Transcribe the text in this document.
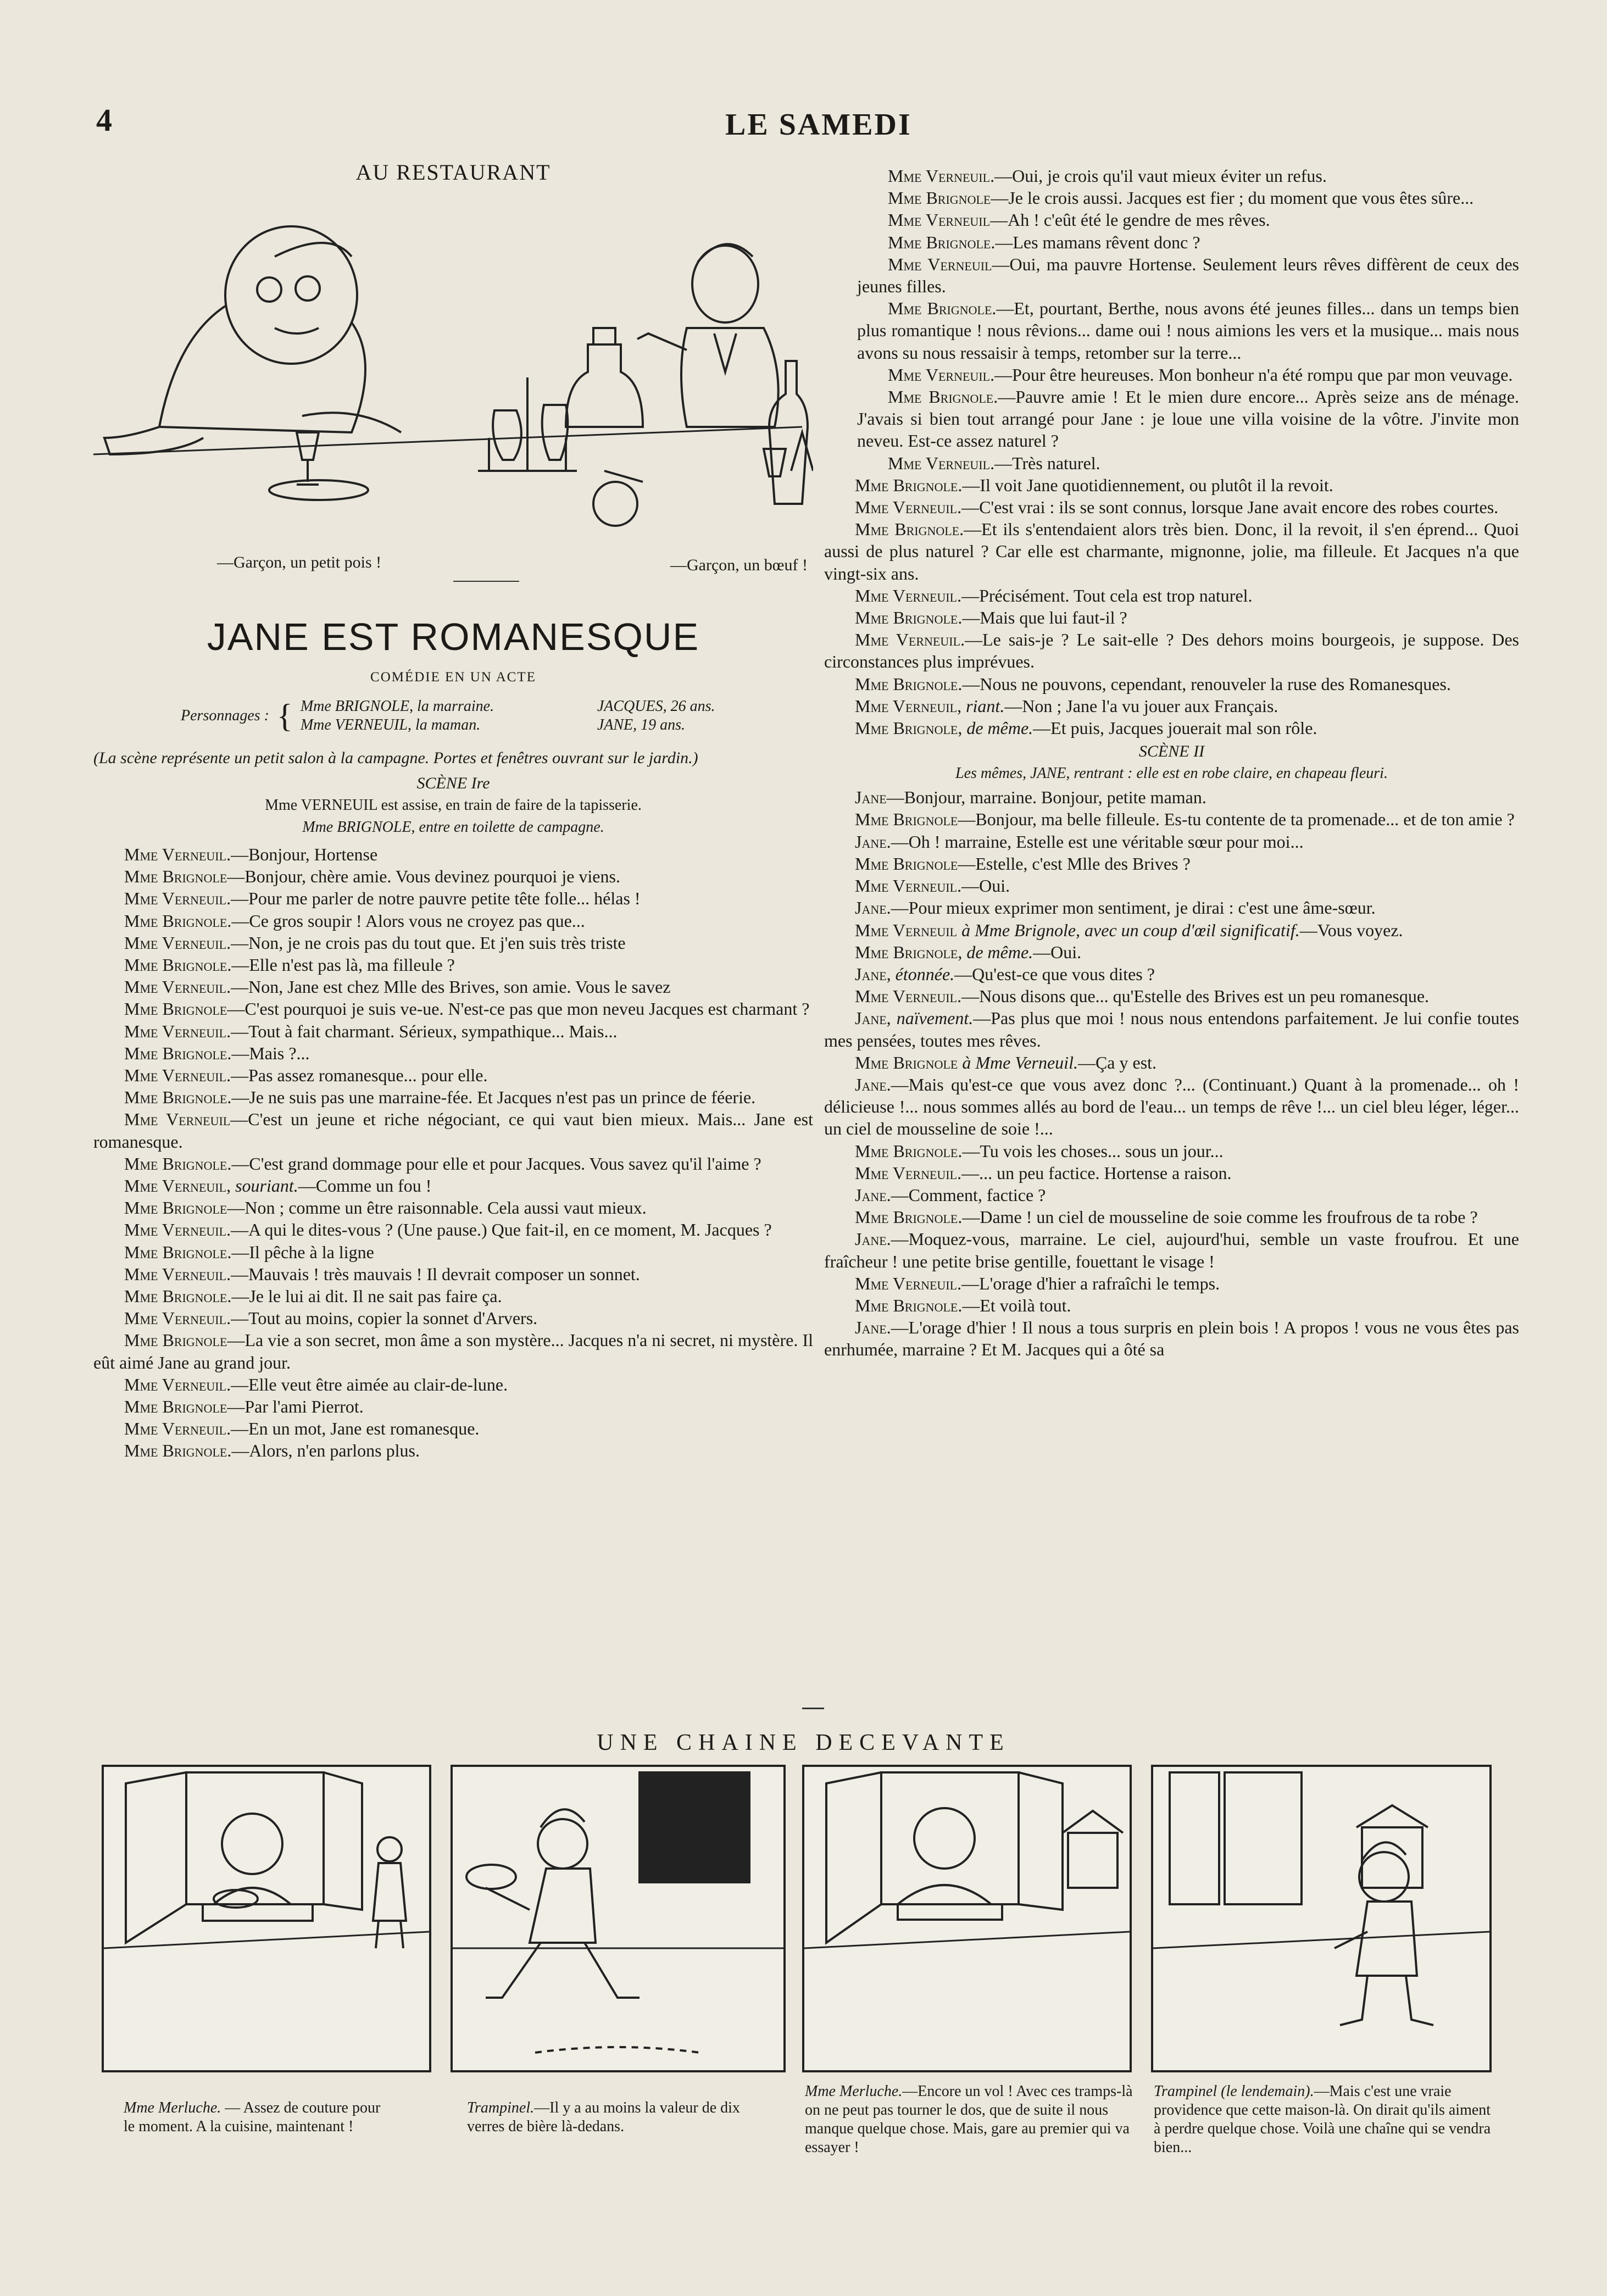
4	LE SAMEDI
AU RESTAURANT
—Garçon, un petit pois !	—Garçon, un bœuf !
JANE EST ROMANESQUE
COMÉDIE EN UN ACTE
Personnages : { Mme BRIGNOLE, la marraine.
Mme VERNEUIL, la maman.
JACQUES, 26 ans.
JANE, 19 ans.
(La scène représente un petit salon à la campagne. Portes et fenêtres ouvrant sur le jardin.)
SCÈNE Ire
Mme VERNEUIL est assise, en train de faire de la tapisserie.
Mme BRIGNOLE, entre en toilette de campagne.

Mme Verneuil.—Bonjour, Hortense

Mme Brignole—Bonjour, chère amie. Vous devinez pourquoi je viens.

Mme Verneuil.—Pour me parler de notre pauvre petite tête folle... hélas !

Mme Brignole.—Ce gros soupir ! Alors vous ne croyez pas que...

Mme Verneuil.—Non, je ne crois pas du tout que. Et j'en suis très triste

Mme Brignole.—Elle n'est pas là, ma filleule ?

Mme Verneuil.—Non, Jane est chez Mlle des Brives, son amie. Vous le savez

Mme Brignole—C'est pourquoi je suis ve-ue. N'est-ce pas que mon neveu Jacques est charmant ?

Mme Verneuil.—Tout à fait charmant. Sérieux, sympathique... Mais...

Mme Brignole.—Mais ?...

Mme Verneuil.—Pas assez romanesque... pour elle.

Mme Brignole.—Je ne suis pas une marraine-fée. Et Jacques n'est pas un prince de féerie.

Mme Verneuil—C'est un jeune et riche négociant, ce qui vaut bien mieux. Mais... Jane est romanesque.

Mme Brignole.—C'est grand dommage pour elle et pour Jacques. Vous savez qu'il l'aime ?

Mme Verneuil, souriant.—Comme un fou !

Mme Brignole—Non ; comme un être raisonnable. Cela aussi vaut mieux.

Mme Verneuil.—A qui le dites-vous ? (Une pause.) Que fait-il, en ce moment, M. Jacques ?

Mme Brignole.—Il pêche à la ligne

Mme Verneuil.—Mauvais ! très mauvais ! Il devrait composer un sonnet.

Mme Brignole.—Je le lui ai dit. Il ne sait pas faire ça.

Mme Verneuil.—Tout au moins, copier la sonnet d'Arvers.

Mme Brignole—La vie a son secret, mon âme a son mystère... Jacques n'a ni secret, ni mystère. Il eût aimé Jane au grand jour.

Mme Verneuil.—Elle veut être aimée au clair-de-lune.

Mme Brignole—Par l'ami Pierrot.

Mme Verneuil.—En un mot, Jane est romanesque.

Mme Brignole.—Alors, n'en parlons plus.

Mme Verneuil.—Oui, je crois qu'il vaut mieux éviter un refus.

Mme Brignole—Je le crois aussi. Jacques est fier ; du moment que vous êtes sûre...

Mme Verneuil—Ah ! c'eût été le gendre de mes rêves.

Mme Brignole.—Les mamans rêvent donc ?

Mme Verneuil—Oui, ma pauvre Hortense. Seulement leurs rêves diffèrent de ceux des jeunes filles.

Mme Brignole.—Et, pourtant, Berthe, nous avons été jeunes filles... dans un temps bien plus romantique ! nous rêvions... dame oui ! nous aimions les vers et la musique... mais nous avons su nous ressaisir à temps, retomber sur la terre...

Mme Verneuil.—Pour être heureuses. Mon bonheur n'a été rompu que par mon veuvage.

Mme Brignole.—Pauvre amie ! Et le mien dure encore... Après seize ans de ménage. J'avais si bien tout arrangé pour Jane : je loue une villa voisine de la vôtre. J'invite mon neveu. Est-ce assez naturel ?

Mme Verneuil.—Très naturel.

Mme Brignole.—Il voit Jane quotidiennement, ou plutôt il la revoit.

Mme Verneuil.—C'est vrai : ils se sont connus, lorsque Jane avait encore des robes courtes.

Mme Brignole.—Et ils s'entendaient alors très bien. Donc, il la revoit, il s'en éprend... Quoi aussi de plus naturel ? Car elle est charmante, mignonne, jolie, ma filleule. Et Jacques n'a que vingt-six ans.

Mme Verneuil.—Précisément. Tout cela est trop naturel.

Mme Brignole.—Mais que lui faut-il ?

Mme Verneuil.—Le sais-je ? Le sait-elle ? Des dehors moins bourgeois, je suppose. Des circonstances plus imprévues.

Mme Brignole.—Nous ne pouvons, cependant, renouveler la ruse des Romanesques.

Mme Verneuil, riant.—Non ; Jane l'a vu jouer aux Français.

Mme Brignole, de même.—Et puis, Jacques jouerait mal son rôle.

SCÈNE II
Les mêmes, JANE, rentrant : elle est en robe claire, en chapeau fleuri.

Jane—Bonjour, marraine. Bonjour, petite maman.

Mme Brignole—Bonjour, ma belle filleule. Es-tu contente de ta promenade... et de ton amie ?

Jane.—Oh ! marraine, Estelle est une véritable sœur pour moi...

Mme Brignole—Estelle, c'est Mlle des Brives ?

Mme Verneuil.—Oui.

Jane.—Pour mieux exprimer mon sentiment, je dirai : c'est une âme-sœur.

Mme Verneuil à Mme Brignole, avec un coup d'œil significatif.—Vous voyez.

Mme Brignole, de même.—Oui.

Jane, étonnée.—Qu'est-ce que vous dites ?

Mme Verneuil.—Nous disons que... qu'Estelle des Brives est un peu romanesque.

Jane, naïvement.—Pas plus que moi ! nous nous entendons parfaitement. Je lui confie toutes mes pensées, toutes mes rêves.

Mme Brignole à Mme Verneuil.—Ça y est.

Jane.—Mais qu'est-ce que vous avez donc ?... (Continuant.) Quant à la promenade... oh ! délicieuse !... nous sommes allés au bord de l'eau... un temps de rêve !... un ciel bleu léger, léger... un ciel de mousseline de soie !...

Mme Brignole.—Tu vois les choses... sous un jour...

Mme Verneuil.—... un peu factice. Hortense a raison.

Jane.—Comment, factice ?

Mme Brignole.—Dame ! un ciel de mousseline de soie comme les froufrous de ta robe ?

Jane.—Moquez-vous, marraine. Le ciel, aujourd'hui, semble un vaste froufrou. Et une fraîcheur ! une petite brise gentille, fouettant le visage !

Mme Verneuil.—L'orage d'hier a rafraîchi le temps.

Mme Brignole.—Et voilà tout.

Jane.—L'orage d'hier ! Il nous a tous surpris en plein bois ! A propos ! vous ne vous êtes pas enrhumée, marraine ? Et M. Jacques qui a ôté sa

UNE CHAINE DECEVANTE
Mme Merluche. — Assez de couture pour le moment. A la cuisine, maintenant !
Trampinel.—Il y a au moins la valeur de dix verres de bière là-dedans.
Mme Merluche.—Encore un vol ! Avec ces tramps-là on ne peut pas tourner le dos, que de suite il nous manque quelque chose. Mais, gare au premier qui va essayer !
Trampinel (le lendemain).—Mais c'est une vraie providence que cette maison-là. On dirait qu'ils aiment à perdre quelque chose. Voilà une chaîne qui se vendra bien...
